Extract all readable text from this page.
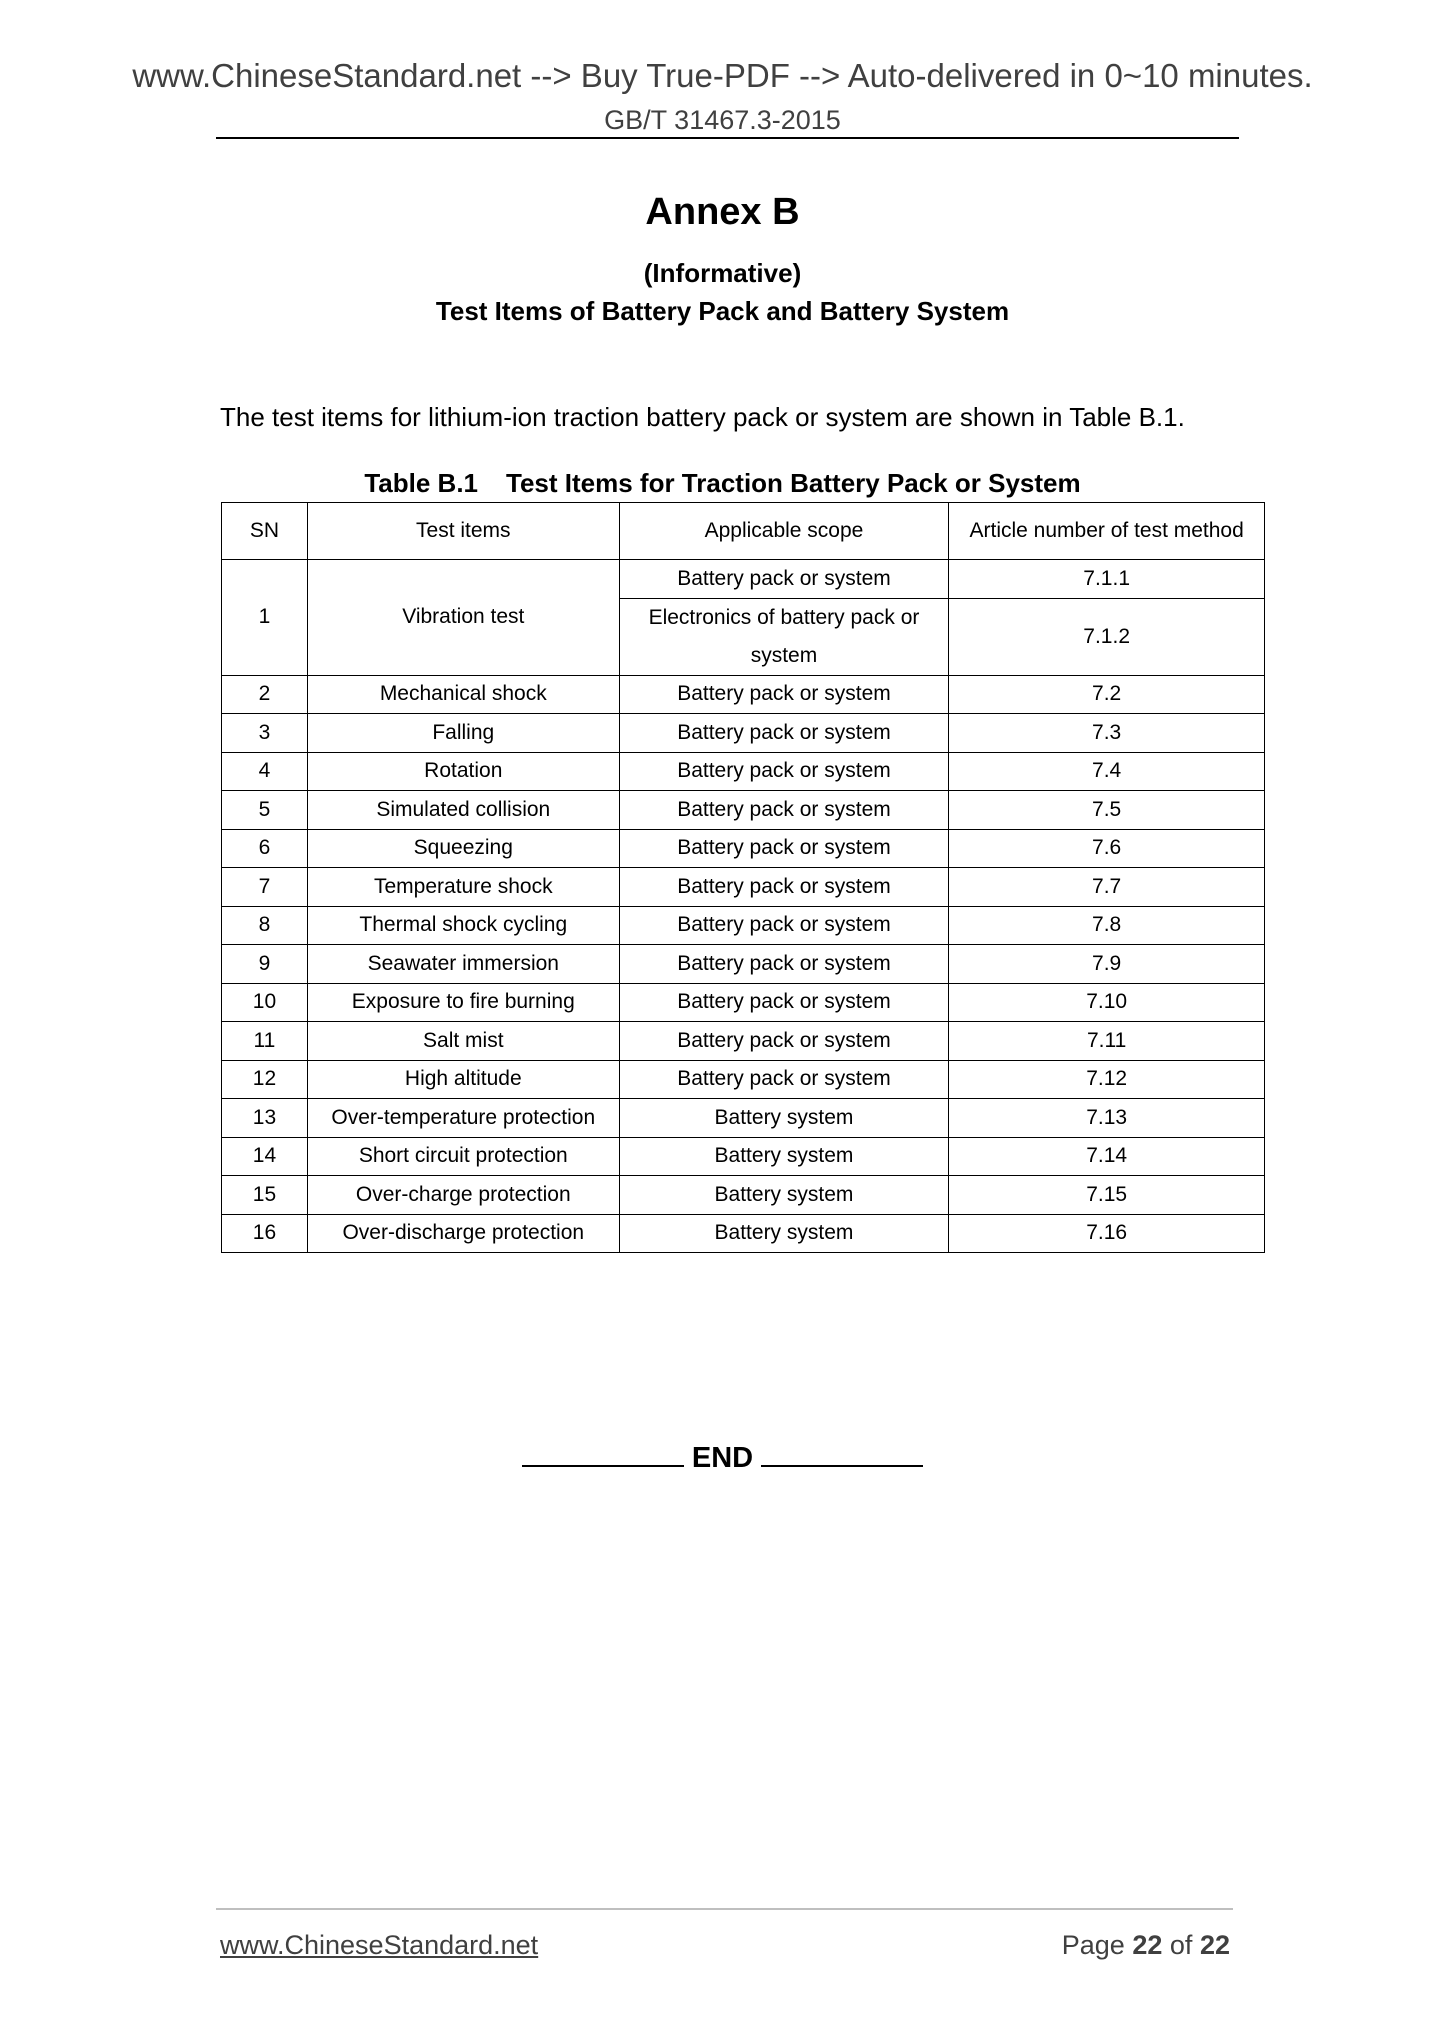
www.ChineseStandard.net --> Buy True-PDF --> Auto-delivered in 0~10 minutes.
GB/T 31467.3-2015
Annex B
(Informative)
Test Items of Battery Pack and Battery System
The test items for lithium-ion traction battery pack or system are shown in Table B.1.
Table B.1 Test Items for Traction Battery Pack or System
SN	Test items	Applicable scope	Article number of test method
1	Vibration test	Battery pack or system	7.1.1
		Electronics of battery pack or system	7.1.2
2	Mechanical shock	Battery pack or system	7.2
3	Falling	Battery pack or system	7.3
4	Rotation	Battery pack or system	7.4
5	Simulated collision	Battery pack or system	7.5
6	Squeezing	Battery pack or system	7.6
7	Temperature shock	Battery pack or system	7.7
8	Thermal shock cycling	Battery pack or system	7.8
9	Seawater immersion	Battery pack or system	7.9
10	Exposure to fire burning	Battery pack or system	7.10
11	Salt mist	Battery pack or system	7.11
12	High altitude	Battery pack or system	7.12
13	Over-temperature protection	Battery system	7.13
14	Short circuit protection	Battery system	7.14
15	Over-charge protection	Battery system	7.15
16	Over-discharge protection	Battery system	7.16
END
www.ChineseStandard.net	Page 22 of 22
